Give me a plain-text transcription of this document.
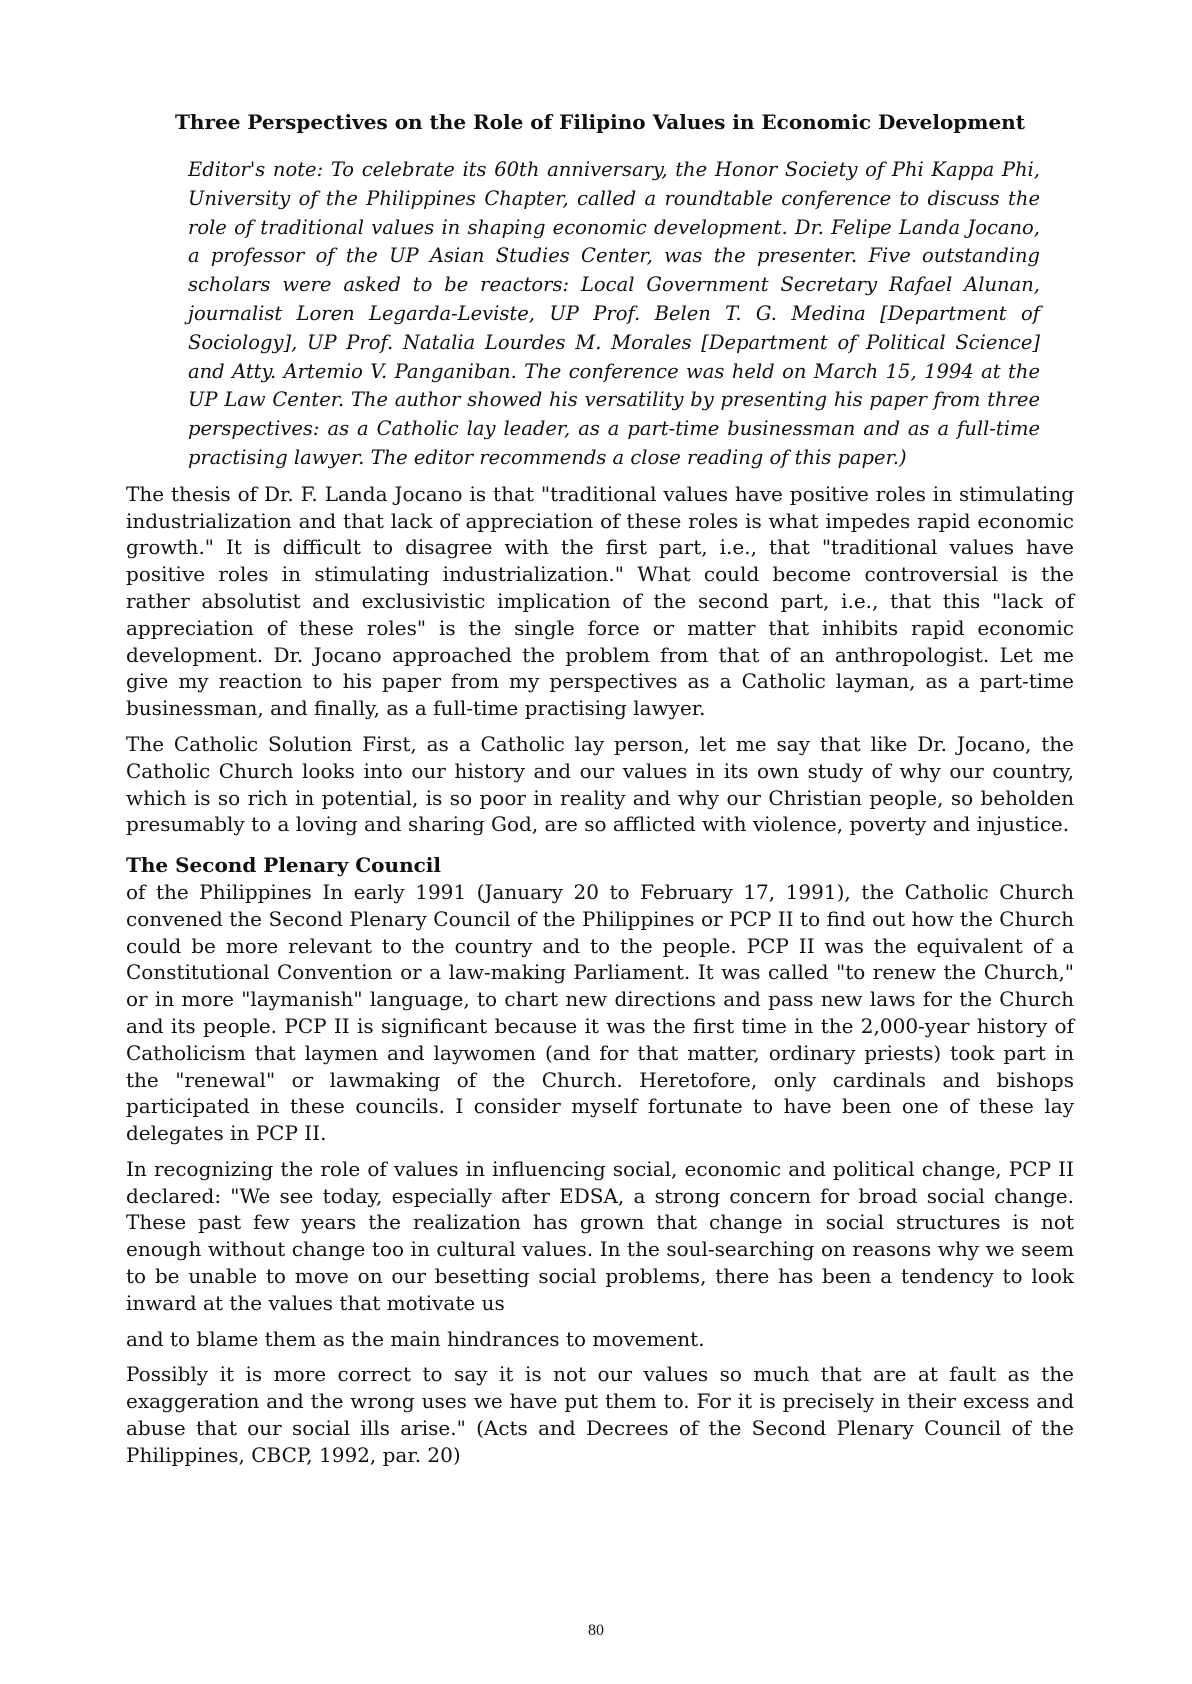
Three Perspectives on the Role of Filipino Values in Economic Development
Editor's note: To celebrate its 60th anniversary, the Honor Society of Phi Kappa Phi, University of the Philippines Chapter, called a roundtable conference to discuss the role of traditional values in shaping economic development. Dr. Felipe Landa Jocano, a professor of the UP Asian Studies Center, was the presenter. Five outstanding scholars were asked to be reactors: Local Government Secretary Rafael Alunan, journalist Loren Legarda-Leviste, UP Prof. Belen T. G. Medina [Department of Sociology], UP Prof. Natalia Lourdes M. Morales [Department of Political Science] and Atty. Artemio V. Panganiban. The conference was held on March 15, 1994 at the UP Law Center. The author showed his versatility by presenting his paper from three perspectives: as a Catholic lay leader, as a part-time businessman and as a full-time practising lawyer. The editor recommends a close reading of this paper.)

The thesis of Dr. F. Landa Jocano is that "traditional values have positive roles in stimulating industrialization and that lack of appreciation of these roles is what impedes rapid economic growth." It is difficult to disagree with the first part, i.e., that "traditional values have positive roles in stimulating industrialization." What could become controversial is the rather absolutist and exclusivistic implication of the second part, i.e., that this "lack of appreciation of these roles" is the single force or matter that inhibits rapid economic development. Dr. Jocano approached the problem from that of an anthropologist. Let me give my reaction to his paper from my perspectives as a Catholic layman, as a part-time businessman, and finally, as a full-time practising lawyer.

The Catholic Solution First, as a Catholic lay person, let me say that like Dr. Jocano, the Catholic Church looks into our history and our values in its own study of why our country, which is so rich in potential, is so poor in reality and why our Christian people, so beholden presumably to a loving and sharing God, are so afflicted with violence, poverty and injustice.

The Second Plenary Council

of the Philippines In early 1991 (January 20 to February 17, 1991), the Catholic Church convened the Second Plenary Council of the Philippines or PCP II to find out how the Church could be more relevant to the country and to the people. PCP II was the equivalent of a Constitutional Convention or a law-making Parliament. It was called "to renew the Church," or in more "laymanish" language, to chart new directions and pass new laws for the Church and its people. PCP II is significant because it was the first time in the 2,000-year history of Catholicism that laymen and laywomen (and for that matter, ordinary priests) took part in the "renewal" or lawmaking of the Church. Heretofore, only cardinals and bishops participated in these councils. I consider myself fortunate to have been one of these lay delegates in PCP II.

In recognizing the role of values in influencing social, economic and political change, PCP II declared: "We see today, especially after EDSA, a strong concern for broad social change. These past few years the realization has grown that change in social structures is not enough without change too in cultural values. In the soul-searching on reasons why we seem to be unable to move on our besetting social problems, there has been a tendency to look inward at the values that motivate us

and to blame them as the main hindrances to movement.

Possibly it is more correct to say it is not our values so much that are at fault as the exaggeration and the wrong uses we have put them to. For it is precisely in their excess and abuse that our social ills arise." (Acts and Decrees of the Second Plenary Council of the Philippines, CBCP, 1992, par. 20)

80
